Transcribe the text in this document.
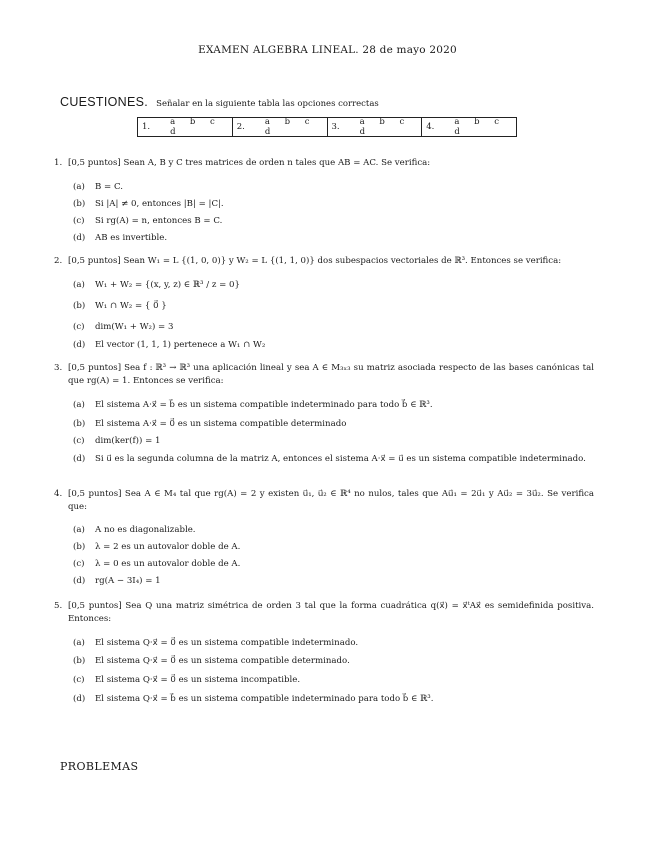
EXAMEN ALGEBRA LINEAL. 28 de mayo 2020
CUESTIONES. Señalar en la siguiente tabla las opciones correctas
1. a b c d	2. a b c d	3. a b c d	4. a b c d
1. [0,5 puntos] Sean A, B y C tres matrices de orden n tales que AB = AC. Se verifica:
(a) B = C.
(b) Si |A| ≠ 0, entonces |B| = |C|.
(c) Si rg(A) = n, entonces B = C.
(d) AB es invertible.
2. [0,5 puntos] Sean W₁ = L {(1, 0, 0)} y W₂ = L {(1, 1, 0)} dos subespacios vectoriales de ℝ³. Entonces se verifica:
(a) W₁ + W₂ = {(x, y, z) ∈ ℝ³ / z = 0}
(b) W₁ ∩ W₂ = { 0⃗ }
(c) dim(W₁ + W₂) = 3
(d) El vector (1, 1, 1) pertenece a W₁ ∩ W₂
3. [0,5 puntos] Sea f : ℝ³ → ℝ³ una aplicación lineal y sea A ∈ M₃ₓ₃ su matriz asociada respecto de las bases canónicas tal que rg(A) = 1. Entonces se verifica:
(a) El sistema A·x⃗ = b⃗ es un sistema compatible indeterminado para todo b⃗ ∈ ℝ³.
(b) El sistema A·x⃗ = 0⃗ es un sistema compatible determinado
(c) dim(ker(f)) = 1
(d)	Si u⃗ es la segunda columna de la matriz A, entonces el sistema A·x⃗ = u⃗ es un sistema compatible indeterminado.
4. [0,5 puntos] Sea A ∈ M₄ tal que rg(A) = 2 y existen u⃗₁, u⃗₂ ∈ ℝ⁴ no nulos, tales que Au⃗₁ = 2u⃗₁ y Au⃗₂ = 3u⃗₂. Se verifica que:
(a) A no es diagonalizable.
(b) λ = 2 es un autovalor doble de A.
(c) λ = 0 es un autovalor doble de A.
(d) rg(A − 3I₄) = 1
5. [0,5 puntos] Sea Q una matriz simétrica de orden 3 tal que la forma cuadrática q(x⃗) = x⃗ᵗAx⃗ es semidefinida positiva. Entonces:
(a) El sistema Q·x⃗ = 0⃗ es un sistema compatible indeterminado.
(b) El sistema Q·x⃗ = 0⃗ es un sistema compatible determinado.
(c) El sistema Q·x⃗ = 0⃗ es un sistema incompatible.
(d) El sistema Q·x⃗ = b⃗ es un sistema compatible indeterminado para todo b⃗ ∈ ℝ³.
PROBLEMAS
